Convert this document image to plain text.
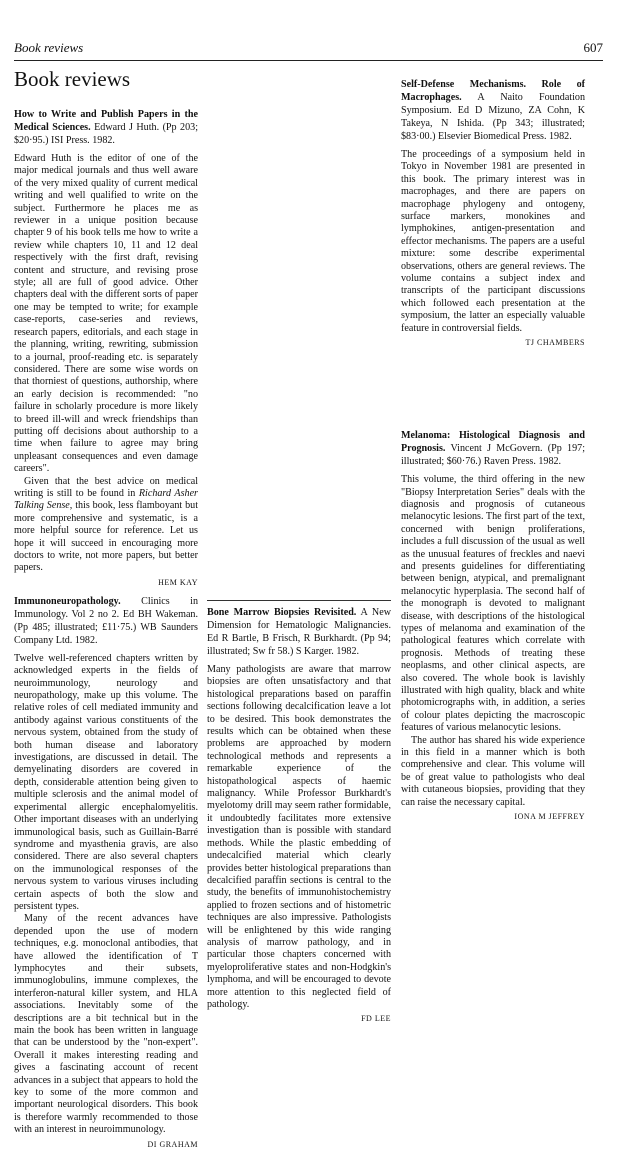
Book reviews	607
Book reviews

How to Write and Publish Papers in the Medical Sciences. Edward J Huth. (Pp 203; $20·95.) ISI Press. 1982.

Edward Huth is the editor of one of the major medical journals and thus well aware of the very mixed quality of current medical writing and well qualified to write on the subject. Furthermore he places me as reviewer in a unique position because chapter 9 of his book tells me how to write a review while chapters 10, 11 and 12 deal respectively with the first draft, revising content and structure, and revising prose style; all are full of good advice. Other chapters deal with the different sorts of paper one may be tempted to write; for example case-reports, case-series and reviews, research papers, editorials, and each stage in the planning, writing, rewriting, submission to a journal, proof-reading etc. is separately considered. There are some wise words on that thorniest of questions, authorship, where an early decision is recommended: "no failure in scholarly procedure is more likely to breed ill-will and wreck friendships than putting off decisions about authorship to a time when failure to agree may bring unpleasant consequences and even damage careers".

Given that the best advice on medical writing is still to be found in Richard Asher Talking Sense, this book, less flamboyant but more comprehensive and systematic, is a more helpful source for reference. Let us hope it will succeed in encouraging more doctors to write, not more papers, but better papers.

HEM KAY

Immunoneuropathology. Clinics in Immunology. Vol 2 no 2. Ed BH Wakeman. (Pp 485; illustrated; £11·75.) WB Saunders Company Ltd. 1982.

Twelve well-referenced chapters written by acknowledged experts in the fields of neuroimmunology, neurology and neuropathology, make up this volume. The relative roles of cell mediated immunity and antibody against various constituents of the nervous system, obtained from the study of both human disease and laboratory investigations, are discussed in detail. The demyelinating disorders are covered in depth, considerable attention being given to multiple sclerosis and the animal model of experimental allergic encephalomyelitis. Other important diseases with an underlying immunological basis, such as Guillain-Barré syndrome and myasthenia gravis, are also considered. There are also several chapters on the immunological responses of the nervous system to various viruses including certain aspects of both the slow and persistent types.

Many of the recent advances have depended upon the use of modern techniques, e.g. monoclonal antibodies, that have allowed the identification of T lymphocytes and their subsets, immunoglobulins, immune complexes, the interferon-natural killer system, and HLA associations. Inevitably some of the descriptions are a bit technical but in the main the book has been written in language that can be understood by the "non-expert". Overall it makes interesting reading and gives a fascinating account of recent advances in a subject that appears to hold the key to some of the more common and important neurological disorders. This book is therefore warmly recommended to those with an interest in neuroimmunology.

DI GRAHAM

Bone Marrow Biopsies Revisited. A New Dimension for Hematologic Malignancies. Ed R Bartle, B Frisch, R Burkhardt. (Pp 94; illustrated; Sw fr 58.) S Karger. 1982.

Many pathologists are aware that marrow biopsies are often unsatisfactory and that histological preparations based on paraffin sections following decalcification leave a lot to be desired. This book demonstrates the results which can be obtained when these problems are approached by modern technological methods and represents a remarkable experience of the histopathological aspects of haemic malignancy. While Professor Burkhardt's myelotomy drill may seem rather formidable, it undoubtedly facilitates more extensive investigation than is possible with standard methods. While the plastic embedding of undecalcified material which clearly provides better histological preparations than decalcified paraffin sections is central to the study, the benefits of immunohistochemistry applied to frozen sections and of histometric techniques are also impressive. Pathologists will be enlightened by this wide ranging analysis of marrow pathology, and in particular those chapters concerned with myeloproliferative states and non-Hodgkin's lymphoma, and will be encouraged to devote more attention to this neglected field of pathology.

FD LEE

Self-Defense Mechanisms. Role of Macrophages. A Naito Foundation Symposium. Ed D Mizuno, ZA Cohn, K Takeya, N Ishida. (Pp 343; illustrated; $83·00.) Elsevier Biomedical Press. 1982.

The proceedings of a symposium held in Tokyo in November 1981 are presented in this book. The primary interest was in macrophages, and there are papers on macrophage phylogeny and ontogeny, surface markers, monokines and lymphokines, antigen-presentation and effector mechanisms. The papers are a useful mixture: some describe experimental observations, others are general reviews. The volume contains a subject index and transcripts of the participant discussions which followed each presentation at the symposium, the latter an especially valuable feature in controversial fields.

TJ CHAMBERS

Melanoma: Histological Diagnosis and Prognosis. Vincent J McGovern. (Pp 197; illustrated; $60·76.) Raven Press. 1982.

This volume, the third offering in the new "Biopsy Interpretation Series" deals with the diagnosis and prognosis of cutaneous melanocytic lesions. The first part of the text, concerned with benign proliferations, includes a full discussion of the usual as well as the unusual features of freckles and naevi and presents guidelines for differentiating between benign, atypical, and premalignant melanocytic hyperplasia. The second half of the monograph is devoted to malignant disease, with descriptions of the histological types of melanoma and examination of the pathological features which correlate with prognosis. Methods of treating these neoplasms, and other clinical aspects, are also covered. The whole book is lavishly illustrated with high quality, black and white photomicrographs with, in addition, a series of colour plates depicting the macroscopic features of various melanocytic lesions.

The author has shared his wide experience in this field in a manner which is both comprehensive and clear. This volume will be of great value to pathologists who deal with cutaneous biopsies, providing that they can raise the necessary capital.

IONA M JEFFREY
